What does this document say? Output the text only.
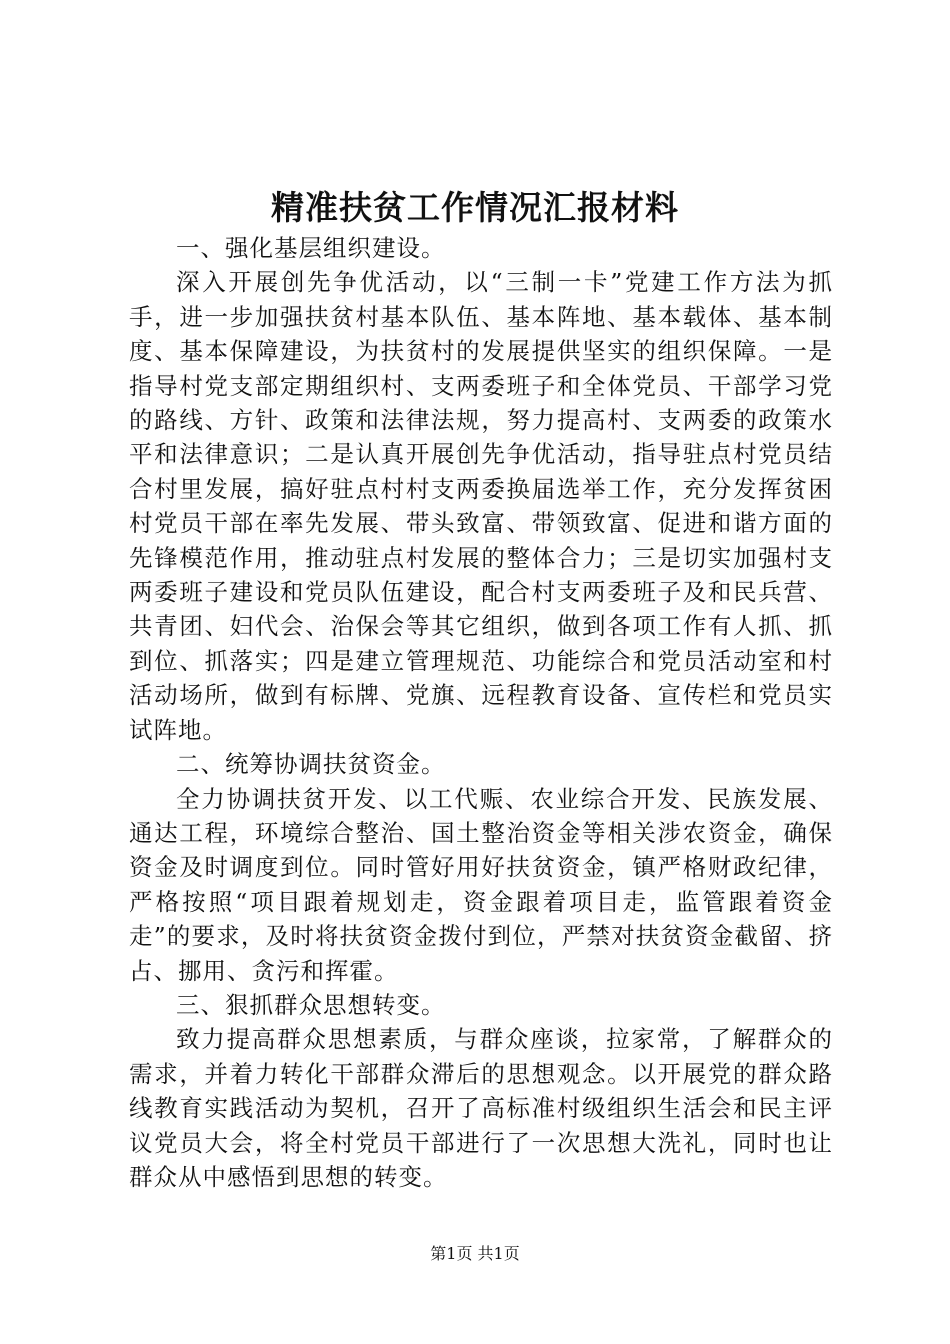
精准扶贫工作情况汇报材料

一、强化基层组织建设。

深入开展创先争优活动，以“三制一卡”党建工作方法为抓手，进一步加强扶贫村基本队伍、基本阵地、基本载体、基本制度、基本保障建设，为扶贫村的发展提供坚实的组织保障。一是指导村党支部定期组织村、支两委班子和全体党员、干部学习党的路线、方针、政策和法律法规，努力提高村、支两委的政策水平和法律意识；二是认真开展创先争优活动，指导驻点村党员结合村里发展，搞好驻点村村支两委换届选举工作，充分发挥贫困村党员干部在率先发展、带头致富、带领致富、促进和谐方面的先锋模范作用，推动驻点村发展的整体合力；三是切实加强村支两委班子建设和党员队伍建设，配合村支两委班子及和民兵营、共青团、妇代会、治保会等其它组织，做到各项工作有人抓、抓到位、抓落实；四是建立管理规范、功能综合和党员活动室和村活动场所，做到有标牌、党旗、远程教育设备、宣传栏和党员实试阵地。

二、统筹协调扶贫资金。

全力协调扶贫开发、以工代赈、农业综合开发、民族发展、通达工程，环境综合整治、国土整治资金等相关涉农资金，确保资金及时调度到位。同时管好用好扶贫资金，镇严格财政纪律，严格按照“项目跟着规划走，资金跟着项目走，监管跟着资金走”的要求，及时将扶贫资金拨付到位，严禁对扶贫资金截留、挤占、挪用、贪污和挥霍。

三、狠抓群众思想转变。

致力提高群众思想素质，与群众座谈，拉家常，了解群众的需求，并着力转化干部群众滞后的思想观念。以开展党的群众路线教育实践活动为契机，召开了高标准村级组织生活会和民主评议党员大会，将全村党员干部进行了一次思想大洗礼，同时也让群众从中感悟到思想的转变。

第1页 共1页
